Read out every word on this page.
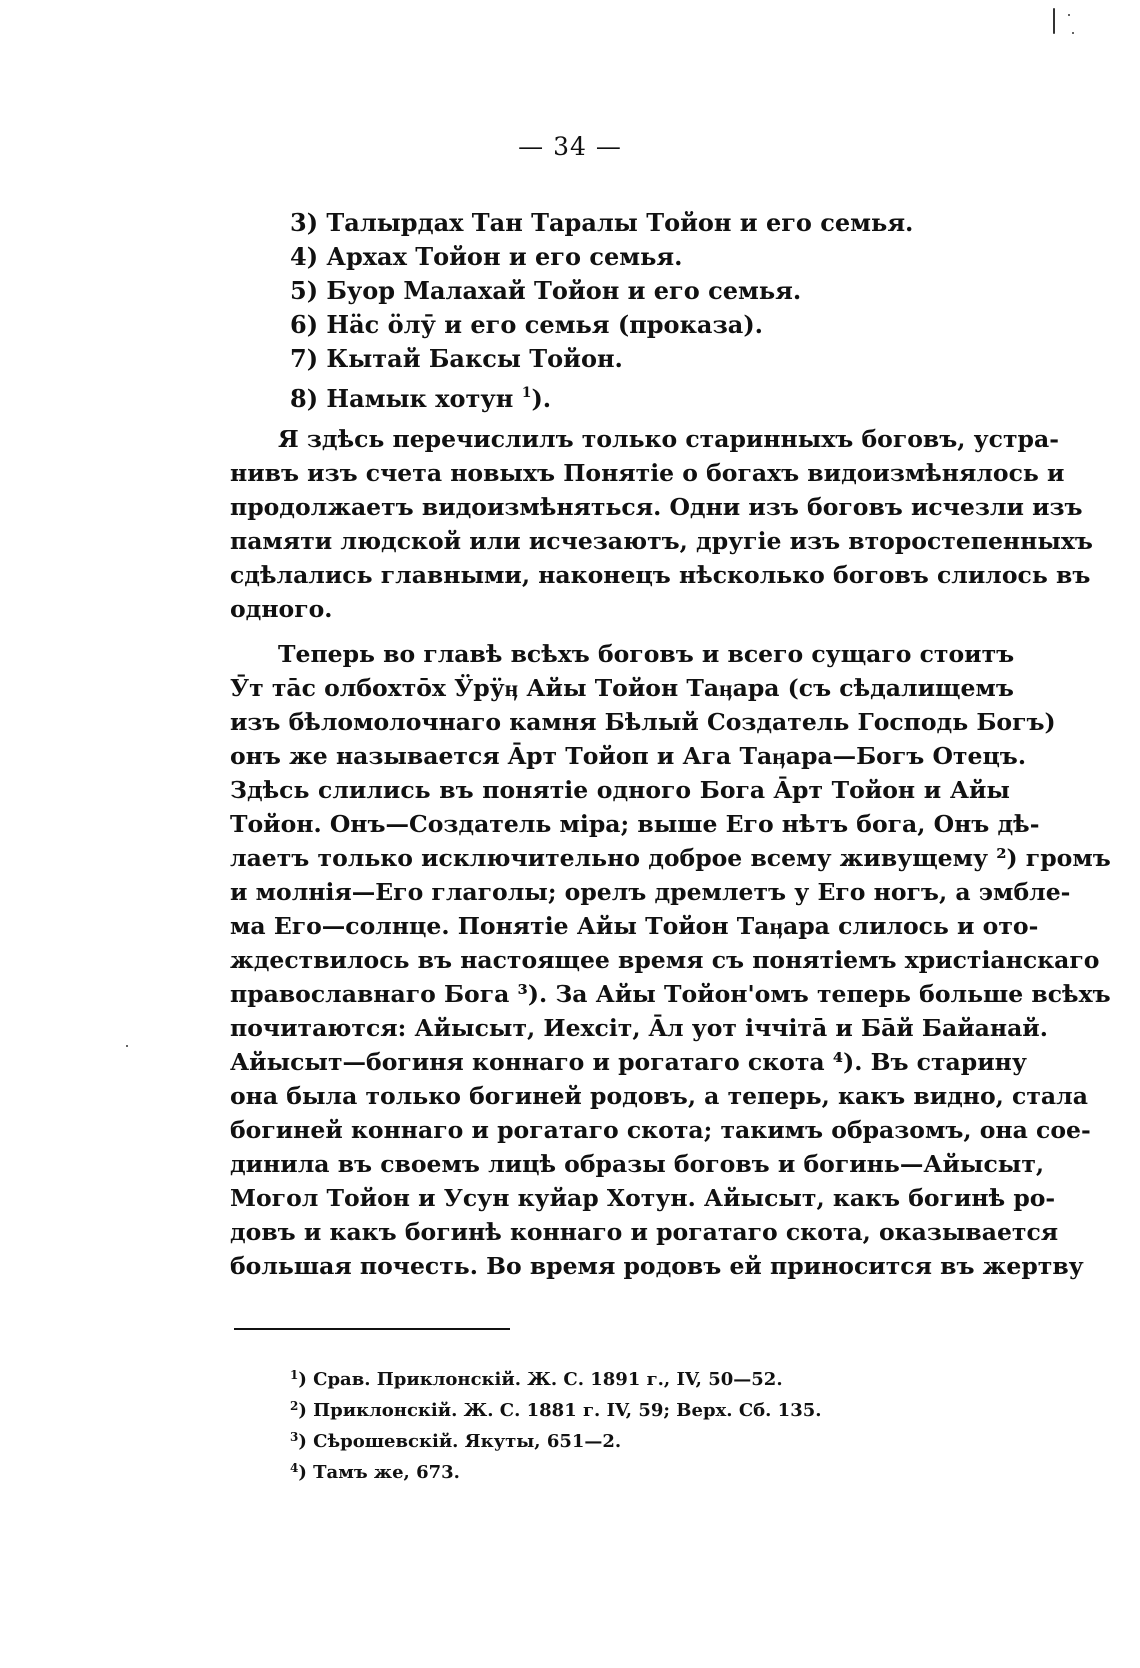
— 34 —
3) Талырдах Тан Таралы Тойон и его семья.
4) Архах Тойон и его семья.
5) Буор Малахай Тойон и его семья.
6) Нäс öлӯ и его семья (проказа).
7) Кытай Баксы Тойон.
8) Намык хотун $^1$).
Я здѣсь перечислилъ только старинныхъ боговъ, устра-
нивъ изъ счета новыхъ Понятіе о богахъ видоизмѣнялось и
продолжаетъ видоизмѣняться. Одни изъ боговъ исчезли изъ
памяти людской или исчезаютъ, другіе изъ второстепенныхъ
сдѣлались главными, наконецъ нѣсколько боговъ слилось въ
одного.
Теперь во главѣ всѣхъ боговъ и всего сущаго стоитъ
Ӯт тāс олбохтōх Ӱрӱӊ Айы Тойон Таӊара (съ сѣдалищемъ
изъ бѣломолочнаго камня Бѣлый Создатель Господь Богъ)
онъ же называется Āрт Тойоп и Ага Таӊара—Богъ Отецъ.
Здѣсь слились въ понятіе одного Бога Āрт Тойон и Айы
Тойон. Онъ—Создатель міра; выше Его нѣтъ бога, Онъ дѣ-
лаетъ только исключительно доброе всему живущему ²) громъ
и молнія—Его глаголы; орелъ дремлетъ у Его ногъ, а эмбле-
ма Его—солнце. Понятіе Айы Тойон Таӊара слилось и ото-
ждествилось въ настоящее время съ понятіемъ христіанскаго
православнаго Бога ³). За Айы Тойон'омъ теперь больше всѣхъ
почитаются: Айысыт, Иехсіт, Āл уот іччітā и Бāй Байанай.
Айысыт—богиня коннаго и рогатаго скота ⁴). Въ старину
она была только богиней родовъ, а теперь, какъ видно, стала
богиней коннаго и рогатаго скота; такимъ образомъ, она сое-
динила въ своемъ лицѣ образы боговъ и богинь—Айысыт,
Могол Тойон и Усун куйар Хотун. Айысыт, какъ богинѣ ро-
довъ и какъ богинѣ коннаго и рогатаго скота, оказывается
большая почесть. Во время родовъ ей приносится въ жертву
$^1$) Срав. Приклонскій. Ж. С. 1891 г., IV, 50—52.
$^2$) Приклонскій. Ж. С. 1881 г. IV, 59; Верх. Сб. 135.
$^3$) Сѣрошевскій. Якуты, 651—2.
$^4$) Тамъ же, 673.
